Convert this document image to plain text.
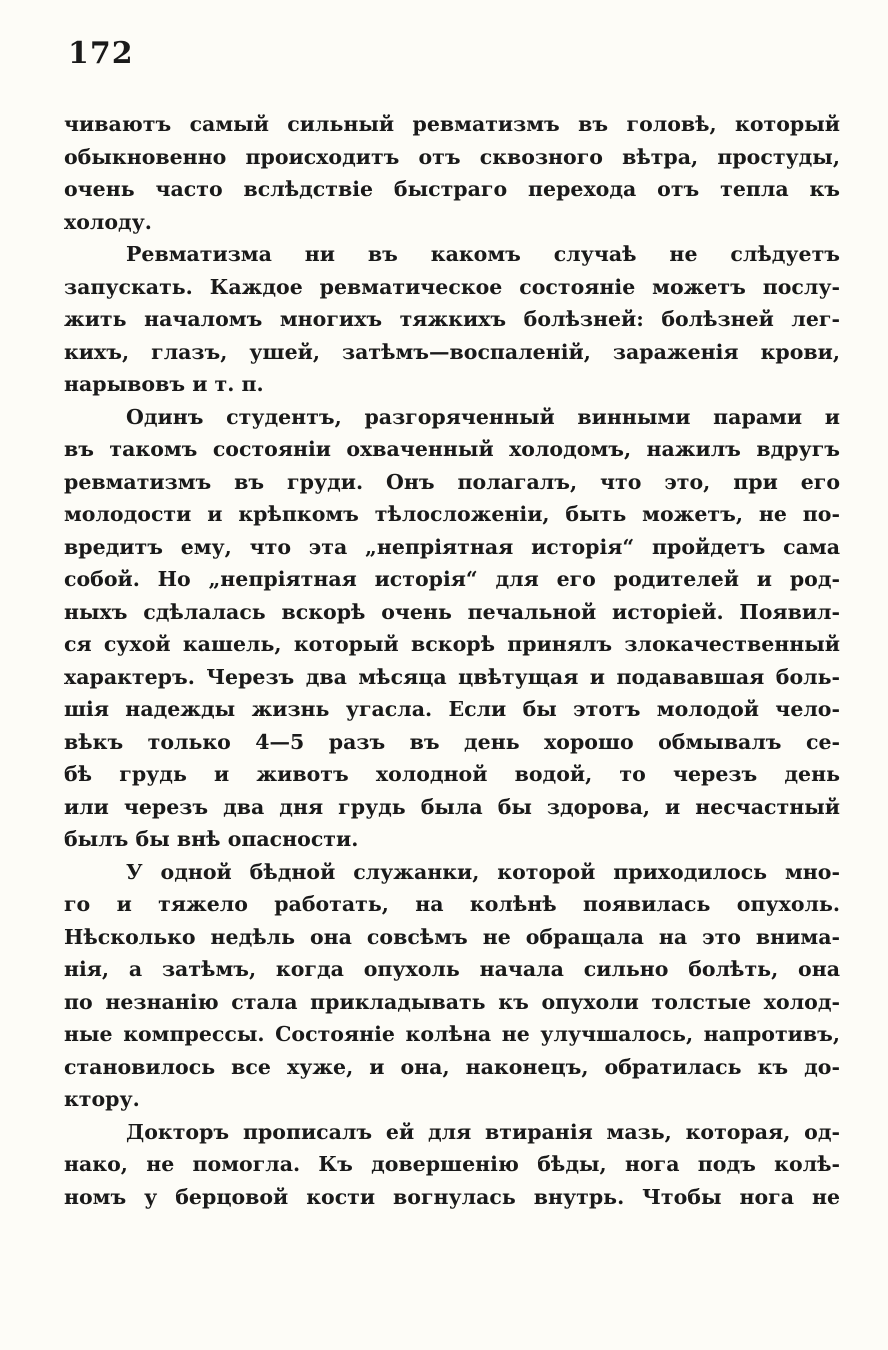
172

чиваютъ самый сильный ревматизмъ въ головѣ, который

обыкновенно происходитъ отъ сквозного вѣтра, простуды,

очень часто вслѣдствіе быстраго перехода отъ тепла къ

холоду.

Ревматизма ни въ какомъ случаѣ не слѣдуетъ

запускать. Каждое ревматическое состояніе можетъ послу-

жить началомъ многихъ тяжкихъ болѣзней: болѣзней лег-

кихъ, глазъ, ушей, затѣмъ—воспаленій, зараженія крови,

нарывовъ и т. п.

Одинъ студентъ, разгоряченный винными парами и

въ такомъ состояніи охваченный холодомъ, нажилъ вдругъ

ревматизмъ въ груди. Онъ полагалъ, что это, при его

молодости и крѣпкомъ тѣлосложеніи, быть можетъ, не по-

вредитъ ему, что эта „непріятная исторія“ пройдетъ сама

собой. Но „непріятная исторія“ для его родителей и род-

ныхъ сдѣлалась вскорѣ очень печальной исторіей. Появил-

ся сухой кашель, который вскорѣ принялъ злокачественный

характеръ. Черезъ два мѣсяца цвѣтущая и подававшая боль-

шія надежды жизнь угасла. Если бы этотъ молодой чело-

вѣкъ только 4—5 разъ въ день хорошо обмывалъ се-

бѣ грудь и животъ холодной водой, то черезъ день

или черезъ два дня грудь была бы здорова, и несчастный

былъ бы внѣ опасности.

У одной бѣдной служанки, которой приходилось мно-

го и тяжело работать, на колѣнѣ появилась опухоль.

Нѣсколько недѣль она совсѣмъ не обращала на это внима-

нія, а затѣмъ, когда опухоль начала сильно болѣть, она

по незнанію стала прикладывать къ опухоли толстые холод-

ные компрессы. Состояніе колѣна не улучшалось, напротивъ,

становилось все хуже, и она, наконецъ, обратилась къ до-

ктору.

Докторъ прописалъ ей для втиранія мазь, которая, од-

нако, не помогла. Къ довершенію бѣды, нога подъ колѣ-

номъ у берцовой кости вогнулась внутрь. Чтобы нога не
